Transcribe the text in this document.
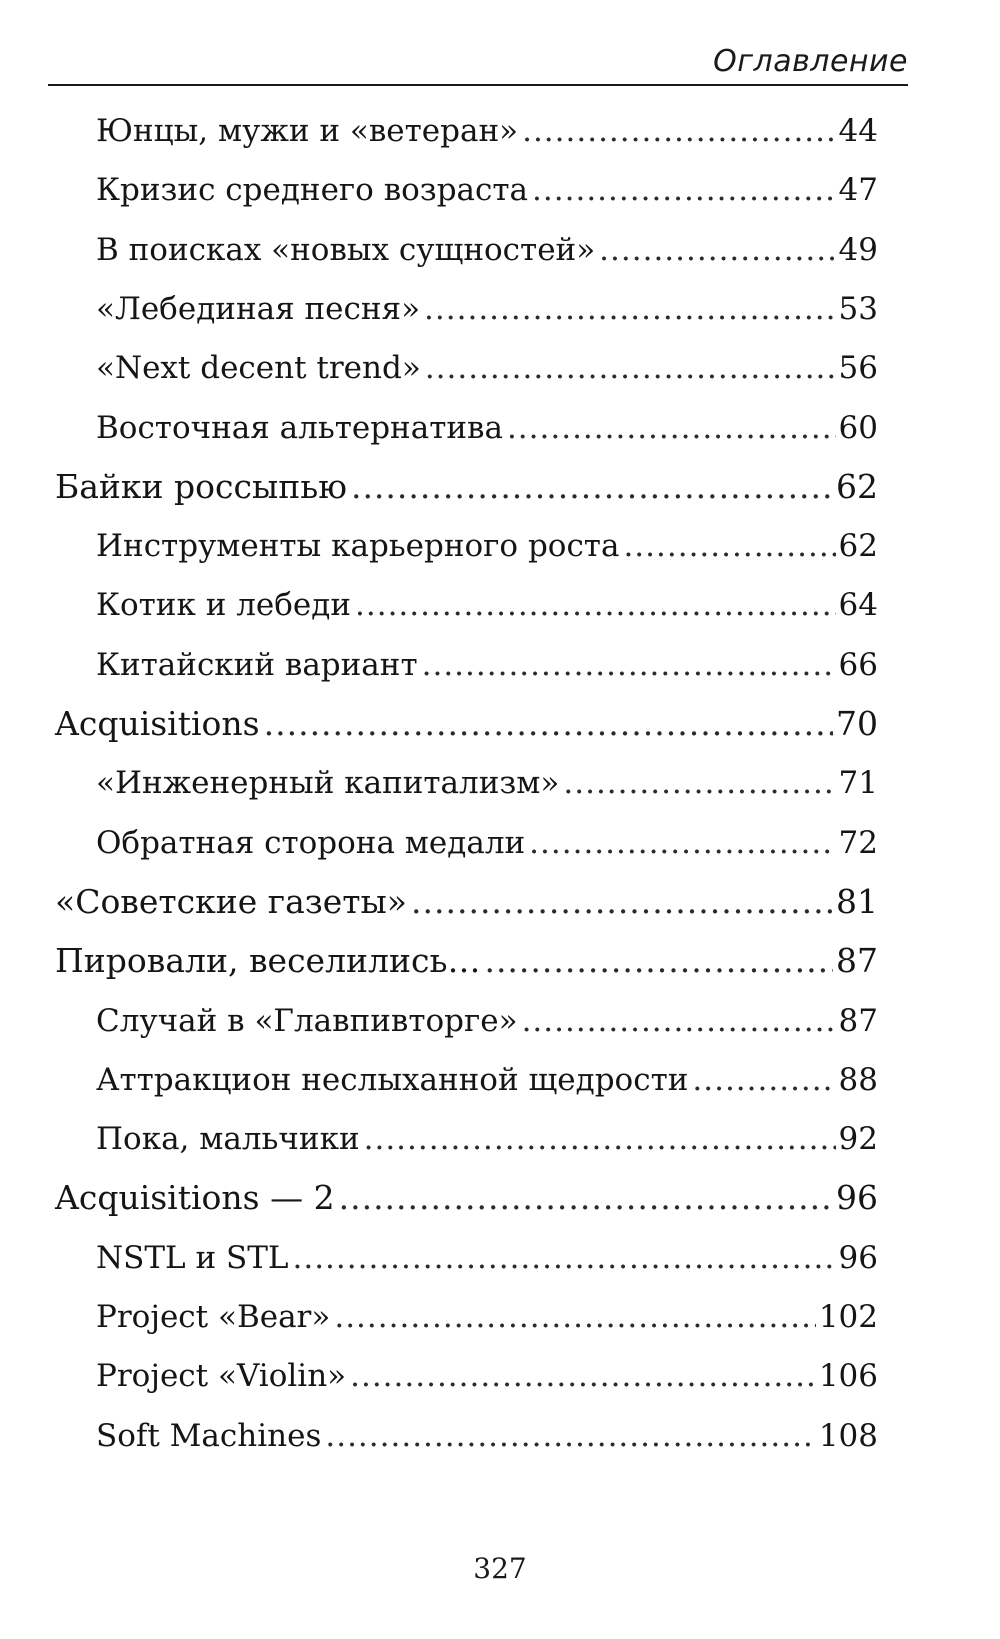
Оглавление
Юнцы, мужи и «ветеран» .....	44
Кризис среднего возраста .....	47
В поисках «новых сущностей» .....	49
«Лебединая песня» .....	53
«Next decent trend» .....	56
Восточная альтернатива .....	60
Байки россыпью .....	62
Инструменты карьерного роста .....	62
Котик и лебеди .....	64
Китайский вариант .....	66
Acquisitions .....	70
«Инженерный капитализм» .....	71
Обратная сторона медали .....	72
«Советские газеты» .....	81
Пировали, веселились… .....	87
Случай в «Главпивторге» .....	87
Аттракцион неслыханной щедрости .....	88
Пока, мальчики .....	92
Acquisitions — 2 .....	96
NSTL и STL .....	96
Project «Bear» .....	102
Project «Violin» .....	106
Soft Machines .....	108
327
